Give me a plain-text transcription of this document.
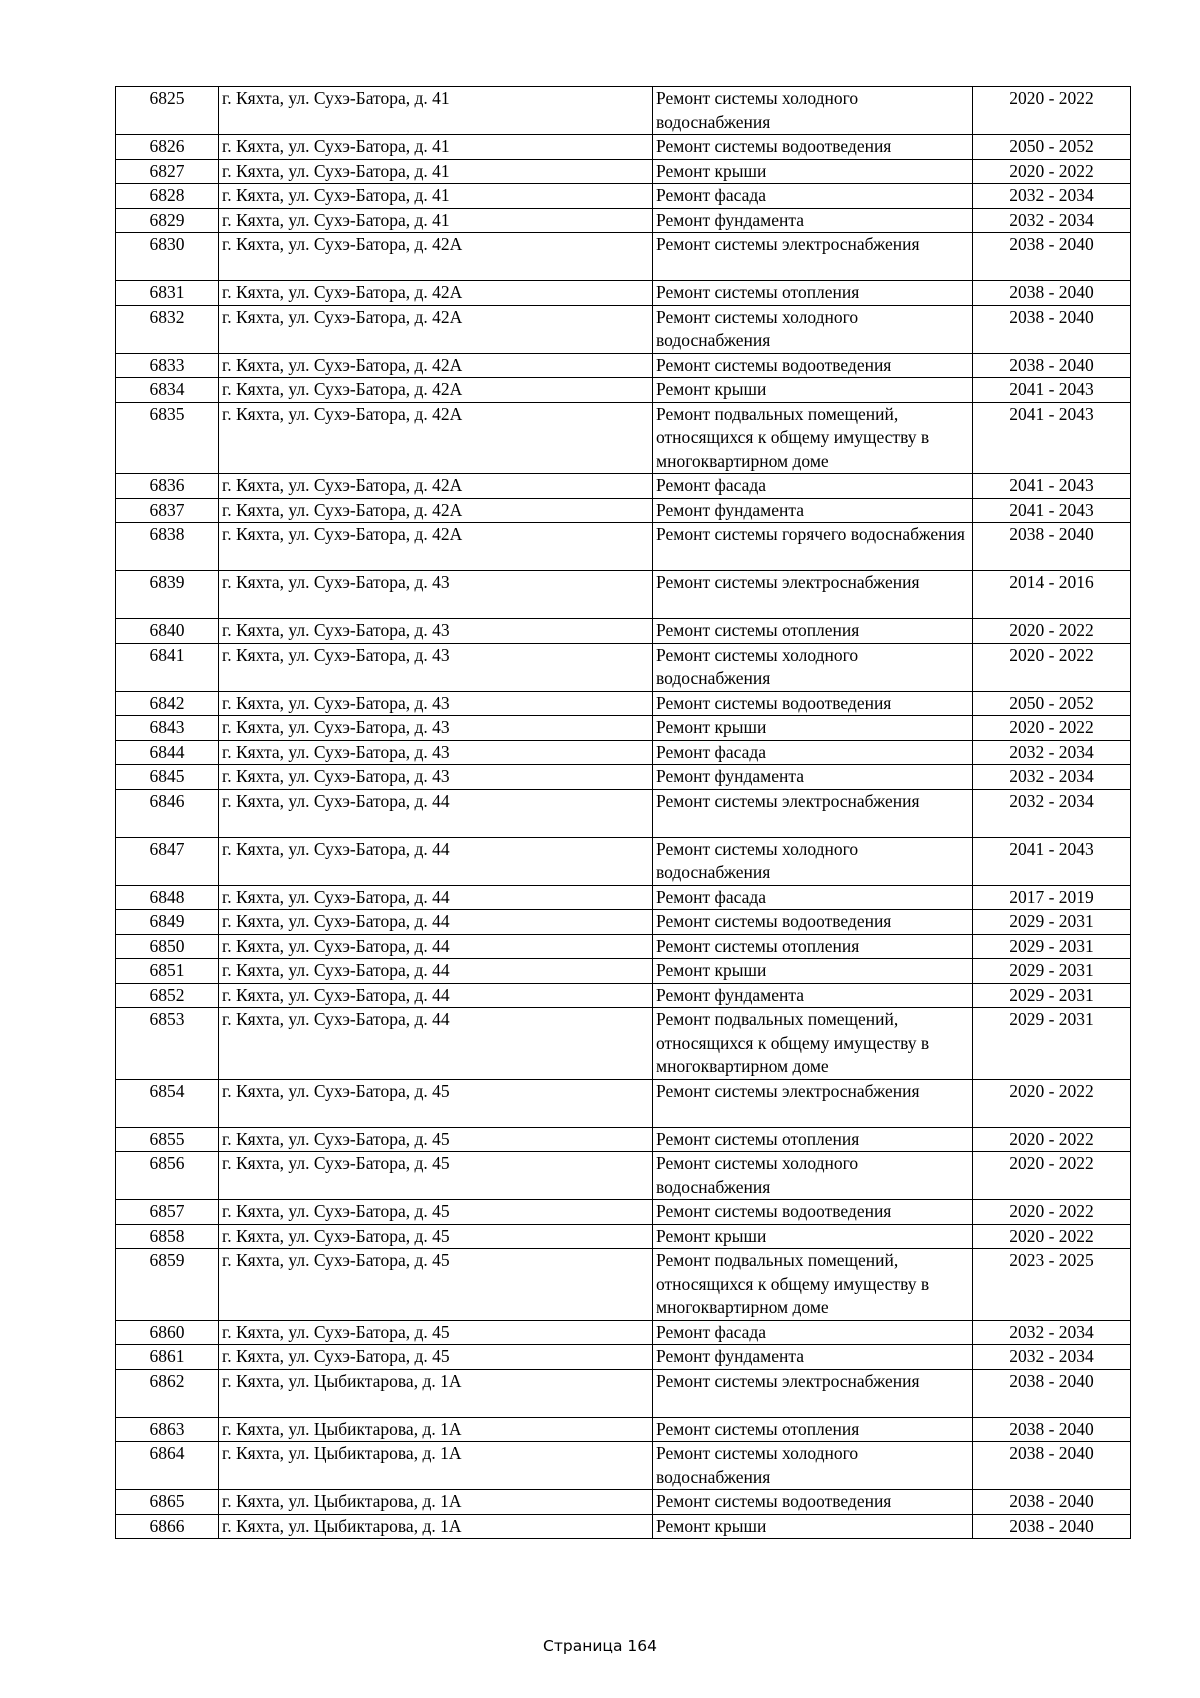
6825	г. Кяхта, ул. Сухэ-Батора, д. 41	Ремонт системы холодного водоснабжения	2020 - 2022
6826	г. Кяхта, ул. Сухэ-Батора, д. 41	Ремонт системы водоотведения	2050 - 2052
6827	г. Кяхта, ул. Сухэ-Батора, д. 41	Ремонт крыши	2020 - 2022
6828	г. Кяхта, ул. Сухэ-Батора, д. 41	Ремонт фасада	2032 - 2034
6829	г. Кяхта, ул. Сухэ-Батора, д. 41	Ремонт фундамента	2032 - 2034
6830	г. Кяхта, ул. Сухэ-Батора, д. 42А	Ремонт системы электроснабжения	2038 - 2040
6831	г. Кяхта, ул. Сухэ-Батора, д. 42А	Ремонт системы отопления	2038 - 2040
6832	г. Кяхта, ул. Сухэ-Батора, д. 42А	Ремонт системы холодного водоснабжения	2038 - 2040
6833	г. Кяхта, ул. Сухэ-Батора, д. 42А	Ремонт системы водоотведения	2038 - 2040
6834	г. Кяхта, ул. Сухэ-Батора, д. 42А	Ремонт крыши	2041 - 2043
6835	г. Кяхта, ул. Сухэ-Батора, д. 42А	Ремонт подвальных помещений, относящихся к общему имуществу в многоквартирном доме	2041 - 2043
6836	г. Кяхта, ул. Сухэ-Батора, д. 42А	Ремонт фасада	2041 - 2043
6837	г. Кяхта, ул. Сухэ-Батора, д. 42А	Ремонт фундамента	2041 - 2043
6838	г. Кяхта, ул. Сухэ-Батора, д. 42А	Ремонт системы горячего водоснабжения	2038 - 2040
6839	г. Кяхта, ул. Сухэ-Батора, д. 43	Ремонт системы электроснабжения	2014 - 2016
6840	г. Кяхта, ул. Сухэ-Батора, д. 43	Ремонт системы отопления	2020 - 2022
6841	г. Кяхта, ул. Сухэ-Батора, д. 43	Ремонт системы холодного водоснабжения	2020 - 2022
6842	г. Кяхта, ул. Сухэ-Батора, д. 43	Ремонт системы водоотведения	2050 - 2052
6843	г. Кяхта, ул. Сухэ-Батора, д. 43	Ремонт крыши	2020 - 2022
6844	г. Кяхта, ул. Сухэ-Батора, д. 43	Ремонт фасада	2032 - 2034
6845	г. Кяхта, ул. Сухэ-Батора, д. 43	Ремонт фундамента	2032 - 2034
6846	г. Кяхта, ул. Сухэ-Батора, д. 44	Ремонт системы электроснабжения	2032 - 2034
6847	г. Кяхта, ул. Сухэ-Батора, д. 44	Ремонт системы холодного водоснабжения	2041 - 2043
6848	г. Кяхта, ул. Сухэ-Батора, д. 44	Ремонт фасада	2017 - 2019
6849	г. Кяхта, ул. Сухэ-Батора, д. 44	Ремонт системы водоотведения	2029 - 2031
6850	г. Кяхта, ул. Сухэ-Батора, д. 44	Ремонт системы отопления	2029 - 2031
6851	г. Кяхта, ул. Сухэ-Батора, д. 44	Ремонт крыши	2029 - 2031
6852	г. Кяхта, ул. Сухэ-Батора, д. 44	Ремонт фундамента	2029 - 2031
6853	г. Кяхта, ул. Сухэ-Батора, д. 44	Ремонт подвальных помещений, относящихся к общему имуществу в многоквартирном доме	2029 - 2031
6854	г. Кяхта, ул. Сухэ-Батора, д. 45	Ремонт системы электроснабжения	2020 - 2022
6855	г. Кяхта, ул. Сухэ-Батора, д. 45	Ремонт системы отопления	2020 - 2022
6856	г. Кяхта, ул. Сухэ-Батора, д. 45	Ремонт системы холодного водоснабжения	2020 - 2022
6857	г. Кяхта, ул. Сухэ-Батора, д. 45	Ремонт системы водоотведения	2020 - 2022
6858	г. Кяхта, ул. Сухэ-Батора, д. 45	Ремонт крыши	2020 - 2022
6859	г. Кяхта, ул. Сухэ-Батора, д. 45	Ремонт подвальных помещений, относящихся к общему имуществу в многоквартирном доме	2023 - 2025
6860	г. Кяхта, ул. Сухэ-Батора, д. 45	Ремонт фасада	2032 - 2034
6861	г. Кяхта, ул. Сухэ-Батора, д. 45	Ремонт фундамента	2032 - 2034
6862	г. Кяхта, ул. Цыбиктарова, д. 1А	Ремонт системы электроснабжения	2038 - 2040
6863	г. Кяхта, ул. Цыбиктарова, д. 1А	Ремонт системы отопления	2038 - 2040
6864	г. Кяхта, ул. Цыбиктарова, д. 1А	Ремонт системы холодного водоснабжения	2038 - 2040
6865	г. Кяхта, ул. Цыбиктарова, д. 1А	Ремонт системы водоотведения	2038 - 2040
6866	г. Кяхта, ул. Цыбиктарова, д. 1А	Ремонт крыши	2038 - 2040
Страница 164
